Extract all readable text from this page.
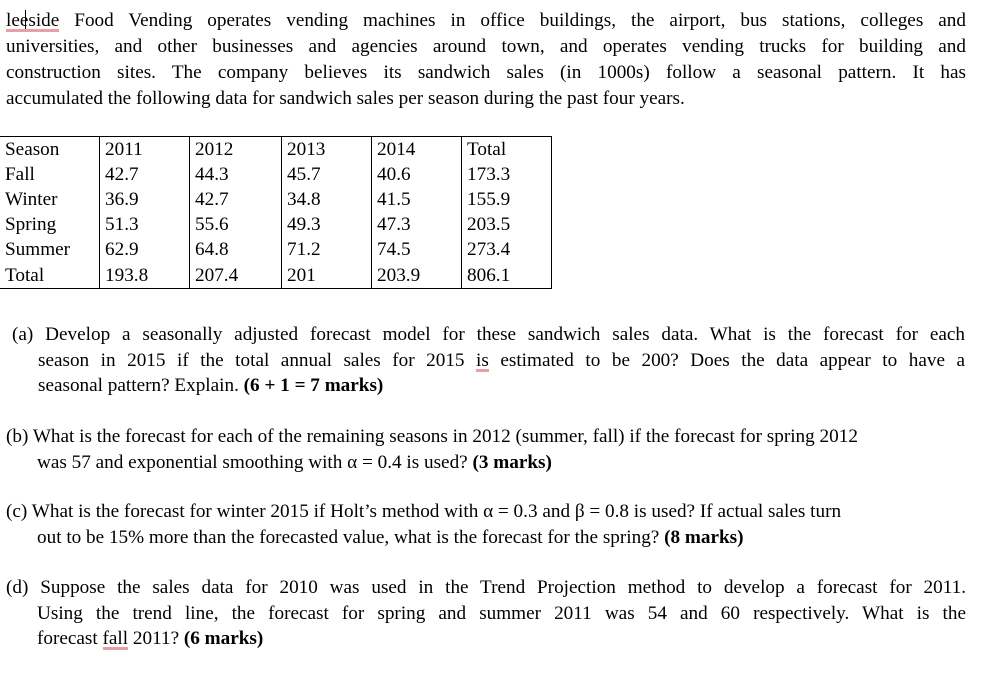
leeside Food Vending operates vending machines in office buildings, the airport, bus stations, colleges and
universities, and other businesses and agencies around town, and operates vending trucks for building and
construction sites. The company believes its sandwich sales (in 1000s) follow a seasonal pattern. It has
accumulated the following data for sandwich sales per season during the past four years.
Season	2011	2012	2013	2014	Total
Fall	42.7	44.3	45.7	40.6	173.3
Winter	36.9	42.7	34.8	41.5	155.9
Spring	51.3	55.6	49.3	47.3	203.5
Summer	62.9	64.8	71.2	74.5	273.4
Total	193.8	207.4	201	203.9	806.1
(a) Develop a seasonally adjusted forecast model for these sandwich sales data. What is the forecast for each
season in 2015 if the total annual sales for 2015 is estimated to be 200? Does the data appear to have a
seasonal pattern? Explain. (6 + 1 = 7 marks)
(b) What is the forecast for each of the remaining seasons in 2012 (summer, fall) if the forecast for spring 2012
was 57 and exponential smoothing with α = 0.4 is used? (3 marks)
(c) What is the forecast for winter 2015 if Holt’s method with α = 0.3 and β = 0.8 is used? If actual sales turn
out to be 15% more than the forecasted value, what is the forecast for the spring? (8 marks)
(d) Suppose the sales data for 2010 was used in the Trend Projection method to develop a forecast for 2011.
Using the trend line, the forecast for spring and summer 2011 was 54 and 60 respectively. What is the
forecast fall 2011? (6 marks)
